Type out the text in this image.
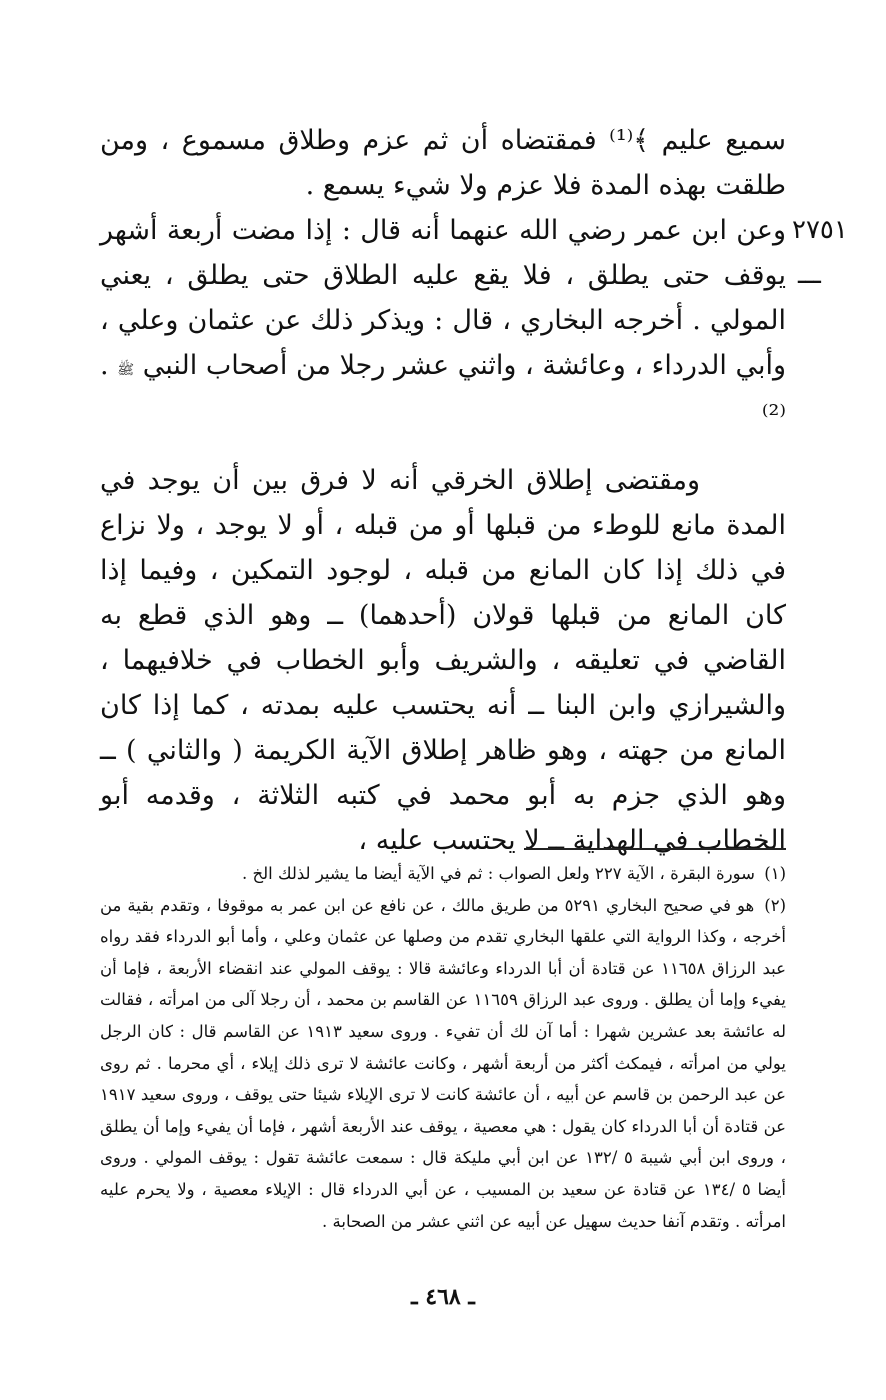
سميع عليم ﴾⁽¹⁾ فمقتضاه أن ثم عزم وطلاق مسموع ، ومن طلقت بهذه المدة فلا عزم ولا شيء يسمع .

٢٧٥١ ـــ
وعن ابن عمر رضي الله عنهما أنه قال : إذا مضت أربعة أشهر يوقف حتى يطلق ، فلا يقع عليه الطلاق حتى يطلق ، يعني المولي . أخرجه البخاري ، قال : ويذكر ذلك عن عثمان وعلي ، وأبي الدرداء ، وعائشة ، واثني عشر رجلا من أصحاب النبي ﷺ . ⁽²⁾

ومقتضى إطلاق الخرقي أنه لا فرق بين أن يوجد في المدة مانع للوطء من قبلها أو من قبله ، أو لا يوجد ، ولا نزاع في ذلك إذا كان المانع من قبله ، لوجود التمكين ، وفيما إذا كان المانع من قبلها قولان (أحدهما) ــ وهو الذي قطع به القاضي في تعليقه ، والشريف وأبو الخطاب في خلافيهما ، والشيرازي وابن البنا ــ أنه يحتسب عليه بمدته ، كما إذا كان المانع من جهته ، وهو ظاهر إطلاق الآية الكريمة ( والثاني ) ــ وهو الذي جزم به أبو محمد في كتبه الثلاثة ، وقدمه أبو الخطاب في الهداية ــ لا يحتسب عليه ،

(١) سورة البقرة ، الآية ٢٢٧ ولعل الصواب : ثم في الآية أيضا ما يشير لذلك الخ .

(٢) هو في صحيح البخاري ٥٢٩١ من طريق مالك ، عن نافع عن ابن عمر به موقوفا ، وتقدم بقية من أخرجه ، وكذا الرواية التي علقها البخاري تقدم من وصلها عن عثمان وعلي ، وأما أبو الدرداء فقد رواه عبد الرزاق ١١٦٥٨ عن قتادة أن أبا الدرداء وعائشة قالا : يوقف المولي عند انقضاء الأربعة ، فإما أن يفيء وإما أن يطلق . وروى عبد الرزاق ١١٦٥٩ عن القاسم بن محمد ، أن رجلا آلى من امرأته ، فقالت له عائشة بعد عشرين شهرا : أما آن لك أن تفيء . وروى سعيد ١٩١٣ عن القاسم قال : كان الرجل يولي من امرأته ، فيمكث أكثر من أربعة أشهر ، وكانت عائشة لا ترى ذلك إيلاء ، أي محرما . ثم روى عن عبد الرحمن بن قاسم عن أبيه ، أن عائشة كانت لا ترى الإيلاء شيئا حتى يوقف ، وروى سعيد ١٩١٧ عن قتادة أن أبا الدرداء كان يقول : هي معصية ، يوقف عند الأربعة أشهر ، فإما أن يفيء وإما أن يطلق ، وروى ابن أبي شيبة ٥ /١٣٢ عن ابن أبي مليكة قال : سمعت عائشة تقول : يوقف المولي . وروى أيضا ٥ /١٣٤ عن قتادة عن سعيد بن المسيب ، عن أبي الدرداء قال : الإيلاء معصية ، ولا يحرم عليه امرأته . وتقدم آنفا حديث سهيل عن أبيه عن اثني عشر من الصحابة .

ـ ٤٦٨ ـ
